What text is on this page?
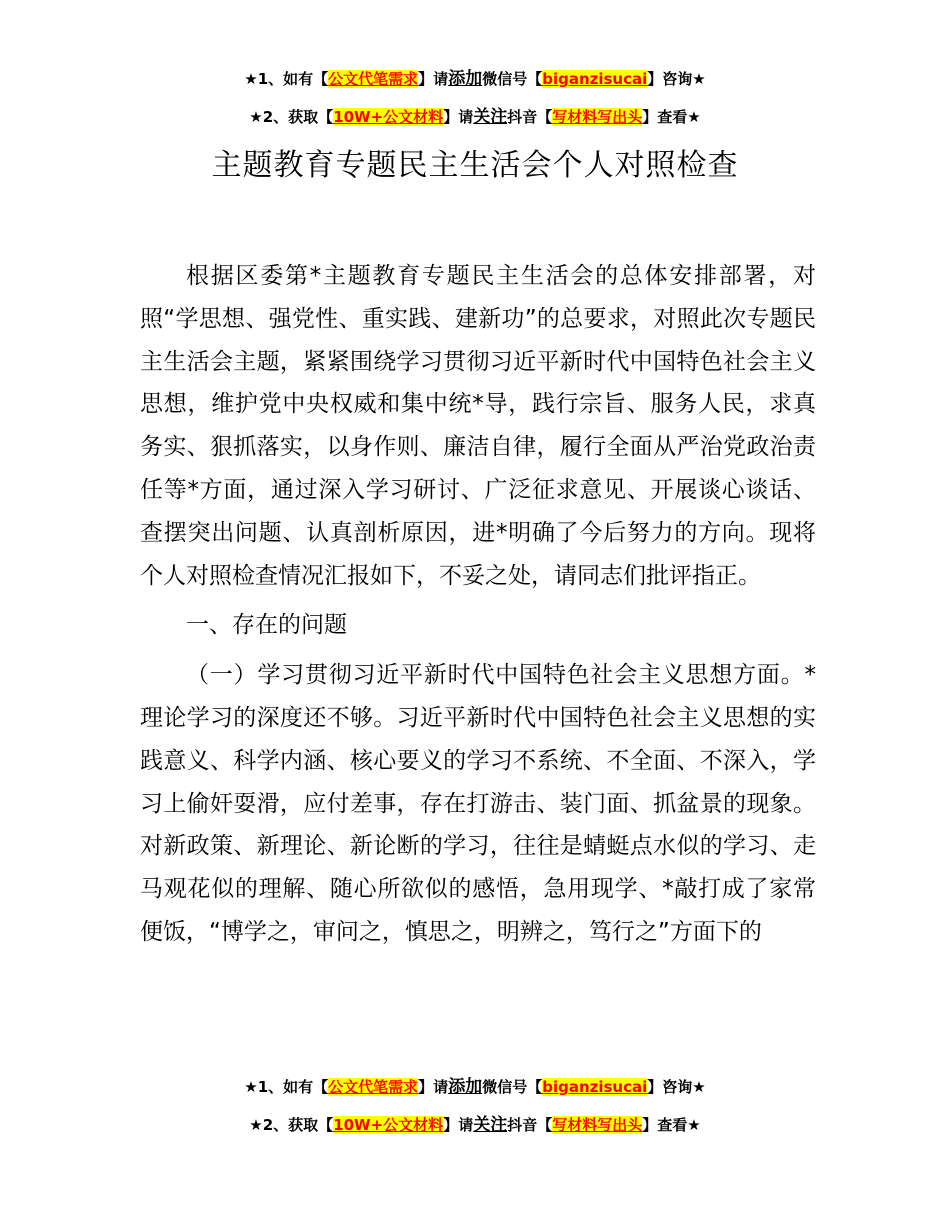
★1、如有【公文代笔需求】请添加微信号【biganzisucai】咨询★
★2、获取【10W+公文材料】请关注抖音【写材料写出头】查看★
主题教育专题民主生活会个人对照检查

根据区委第*主题教育专题民主生活会的总体安排部署，对照“学思想、强党性、重实践、建新功”的总要求，对照此次专题民主生活会主题，紧紧围绕学习贯彻习近平新时代中国特色社会主义思想，维护党中央权威和集中统*导，践行宗旨、服务人民，求真务实、狠抓落实，以身作则、廉洁自律，履行全面从严治党政治责任等*方面，通过深入学习研讨、广泛征求意见、开展谈心谈话、查摆突出问题、认真剖析原因，进*明确了今后努力的方向。现将个人对照检查情况汇报如下，不妥之处，请同志们批评指正。

一、存在的问题

（一）学习贯彻习近平新时代中国特色社会主义思想方面。*理论学习的深度还不够。习近平新时代中国特色社会主义思想的实践意义、科学内涵、核心要义的学习不系统、不全面、不深入，学习上偷奸耍滑，应付差事，存在打游击、装门面、抓盆景的现象。对新政策、新理论、新论断的学习，往往是蜻蜓点水似的学习、走马观花似的理解、随心所欲似的感悟，急用现学、*敲打成了家常便饭，“博学之，审问之，慎思之，明辨之，笃行之”方面下的

★1、如有【公文代笔需求】请添加微信号【biganzisucai】咨询★
★2、获取【10W+公文材料】请关注抖音【写材料写出头】查看★
